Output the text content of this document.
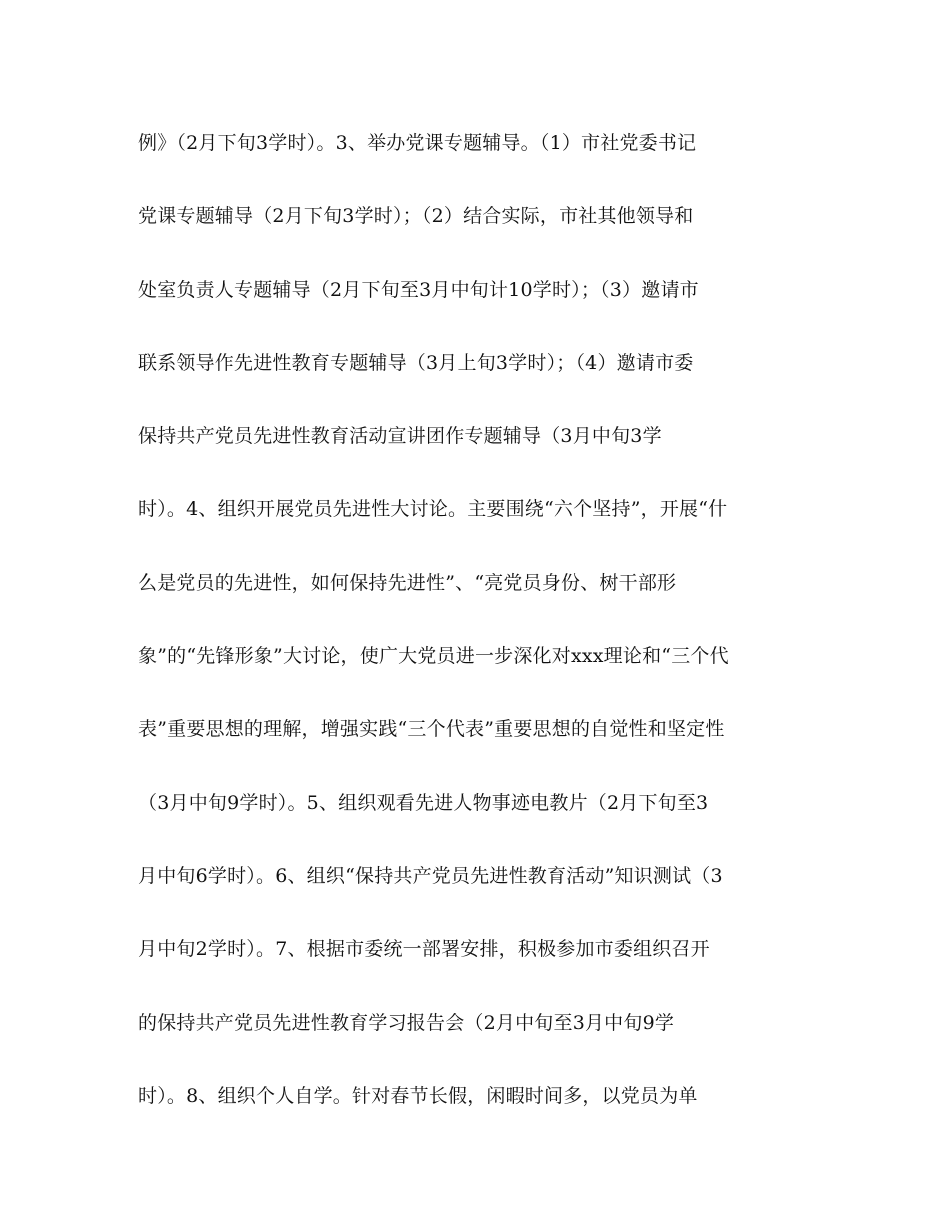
例》（2月下旬3学时）。3、举办党课专题辅导。（1）市社党委书记
党课专题辅导（2月下旬3学时）；（2）结合实际，市社其他领导和
处室负责人专题辅导（2月下旬至3月中旬计10学时）；（3）邀请市
联系领导作先进性教育专题辅导（3月上旬3学时）；（4）邀请市委
保持共产党员先进性教育活动宣讲团作专题辅导（3月中旬3学
时）。4、组织开展党员先进性大讨论。主要围绕“六个坚持”，开展“什
么是党员的先进性，如何保持先进性”、“亮党员身份、树干部形
象”的“先锋形象”大讨论，使广大党员进一步深化对xxx理论和“三个代
表”重要思想的理解，增强实践“三个代表”重要思想的自觉性和坚定性
（3月中旬9学时）。5、组织观看先进人物事迹电教片（2月下旬至3
月中旬6学时）。6、组织“保持共产党员先进性教育活动”知识测试（3
月中旬2学时）。7、根据市委统一部署安排，积极参加市委组织召开
的保持共产党员先进性教育学习报告会（2月中旬至3月中旬9学
时）。8、组织个人自学。针对春节长假，闲暇时间多，以党员为单
